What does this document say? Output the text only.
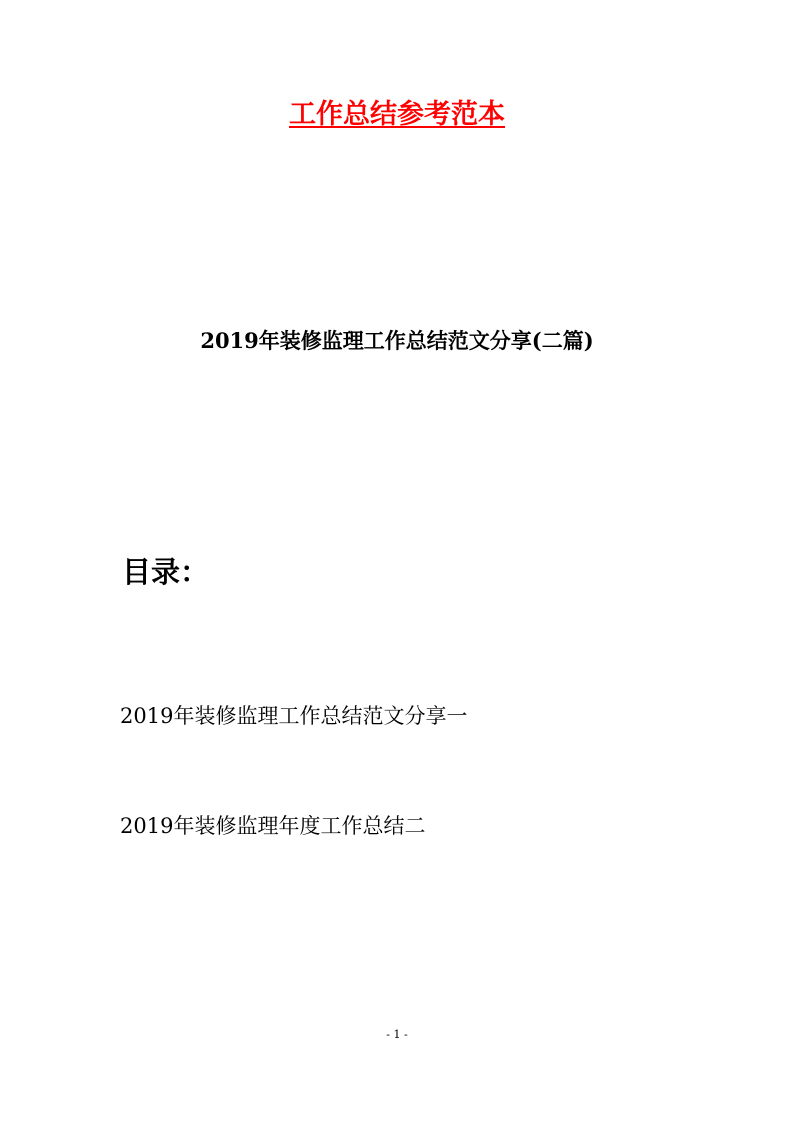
工作总结参考范本
2019年装修监理工作总结范文分享(二篇)
目录：
2019年装修监理工作总结范文分享一
2019年装修监理年度工作总结二
- 1 -
